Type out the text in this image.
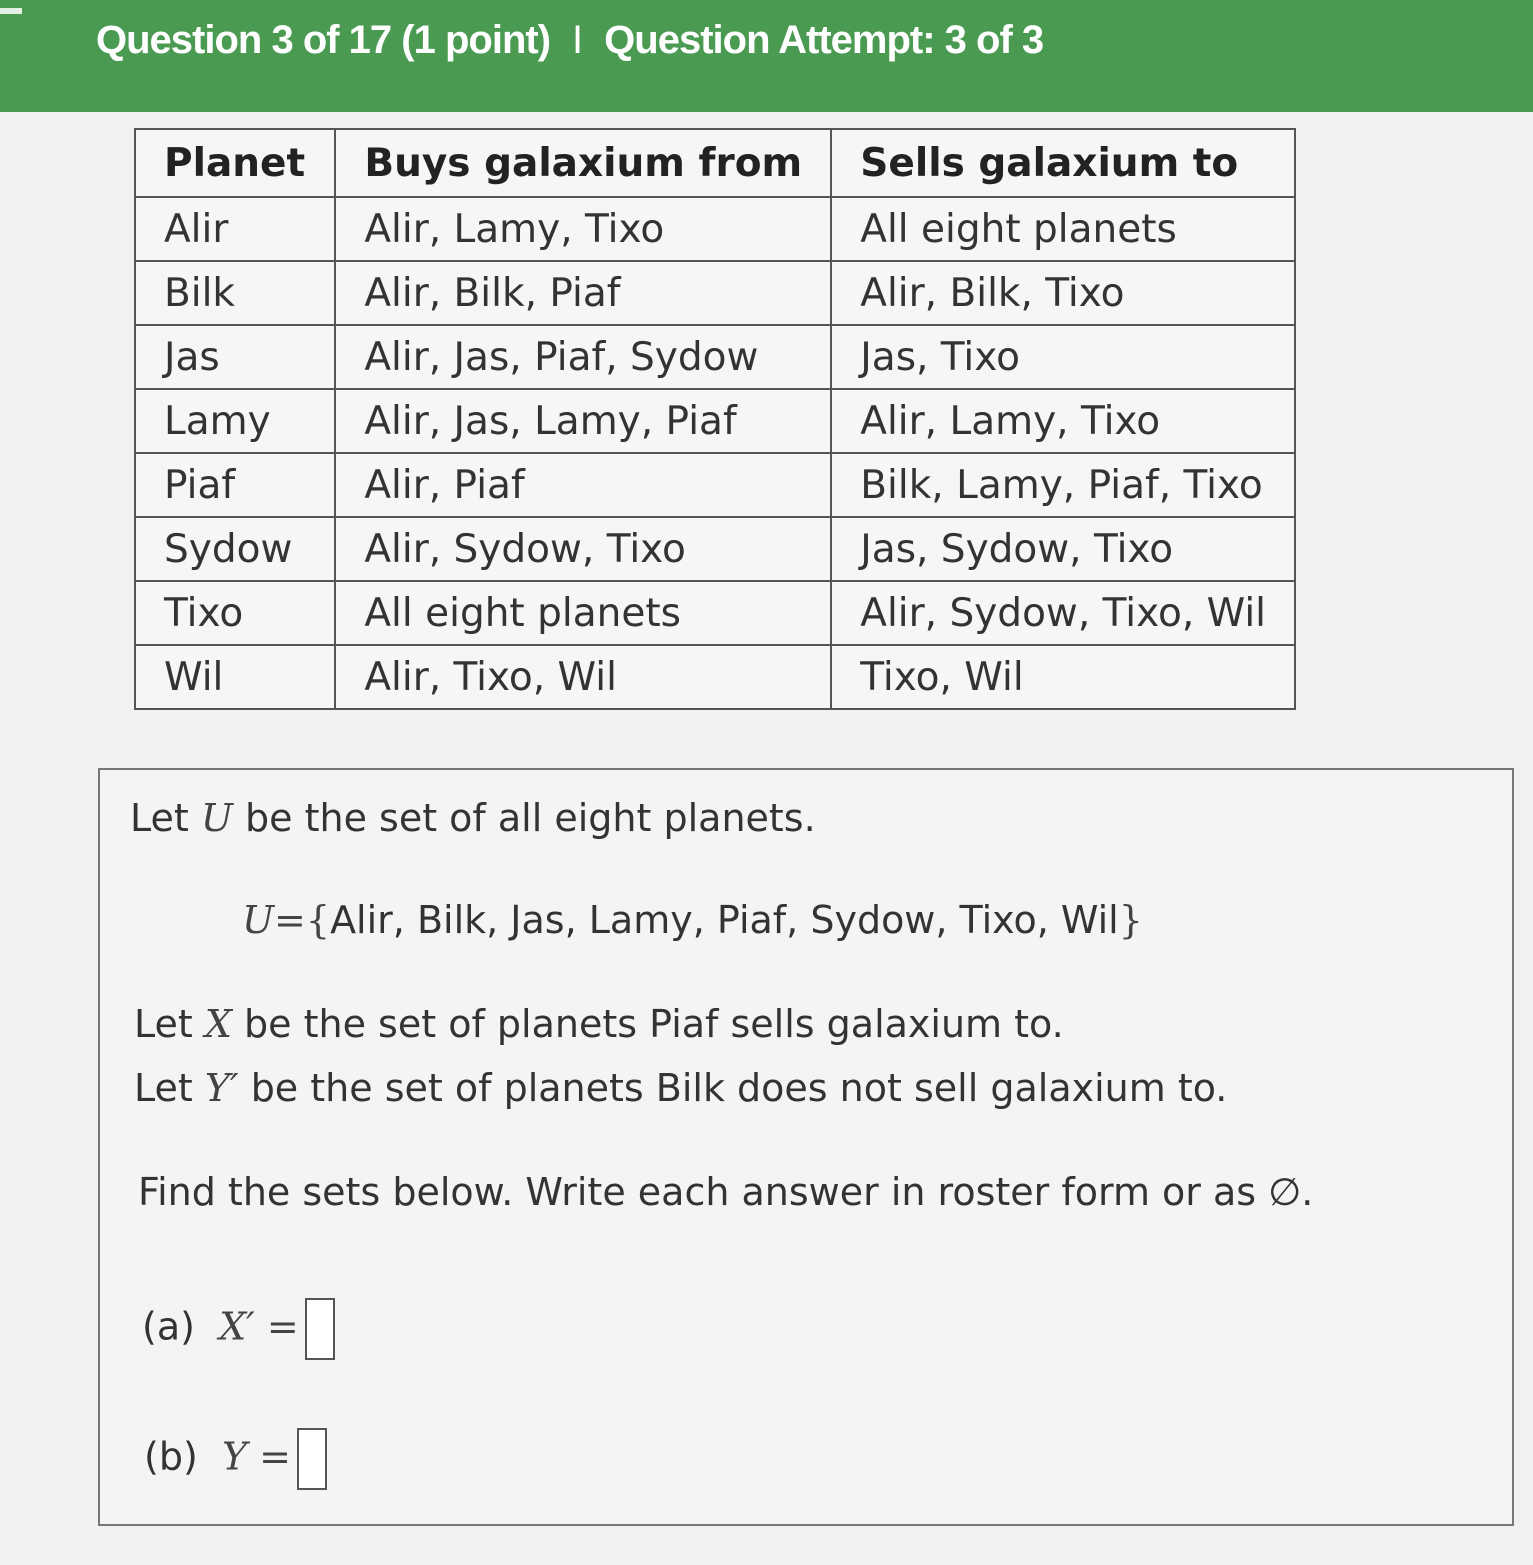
Question 3 of 17 (1 point) I Question Attempt: 3 of 3
Planet	Buys galaxium from	Sells galaxium to
Alir	Alir, Lamy, Tixo	All eight planets
Bilk	Alir, Bilk, Piaf	Alir, Bilk, Tixo
Jas	Alir, Jas, Piaf, Sydow	Jas, Tixo
Lamy	Alir, Jas, Lamy, Piaf	Alir, Lamy, Tixo
Piaf	Alir, Piaf	Bilk, Lamy, Piaf, Tixo
Sydow	Alir, Sydow, Tixo	Jas, Sydow, Tixo
Tixo	All eight planets	Alir, Sydow, Tixo, Wil
Wil	Alir, Tixo, Wil	Tixo, Wil
Let U be the set of all eight planets.
U={Alir, Bilk, Jas, Lamy, Piaf, Sydow, Tixo, Wil}
Let X be the set of planets Piaf sells galaxium to.
Let Y′ be the set of planets Bilk does not sell galaxium to.
Find the sets below. Write each answer in roster form or as ∅.
(a) X′ =
(b) Y =
